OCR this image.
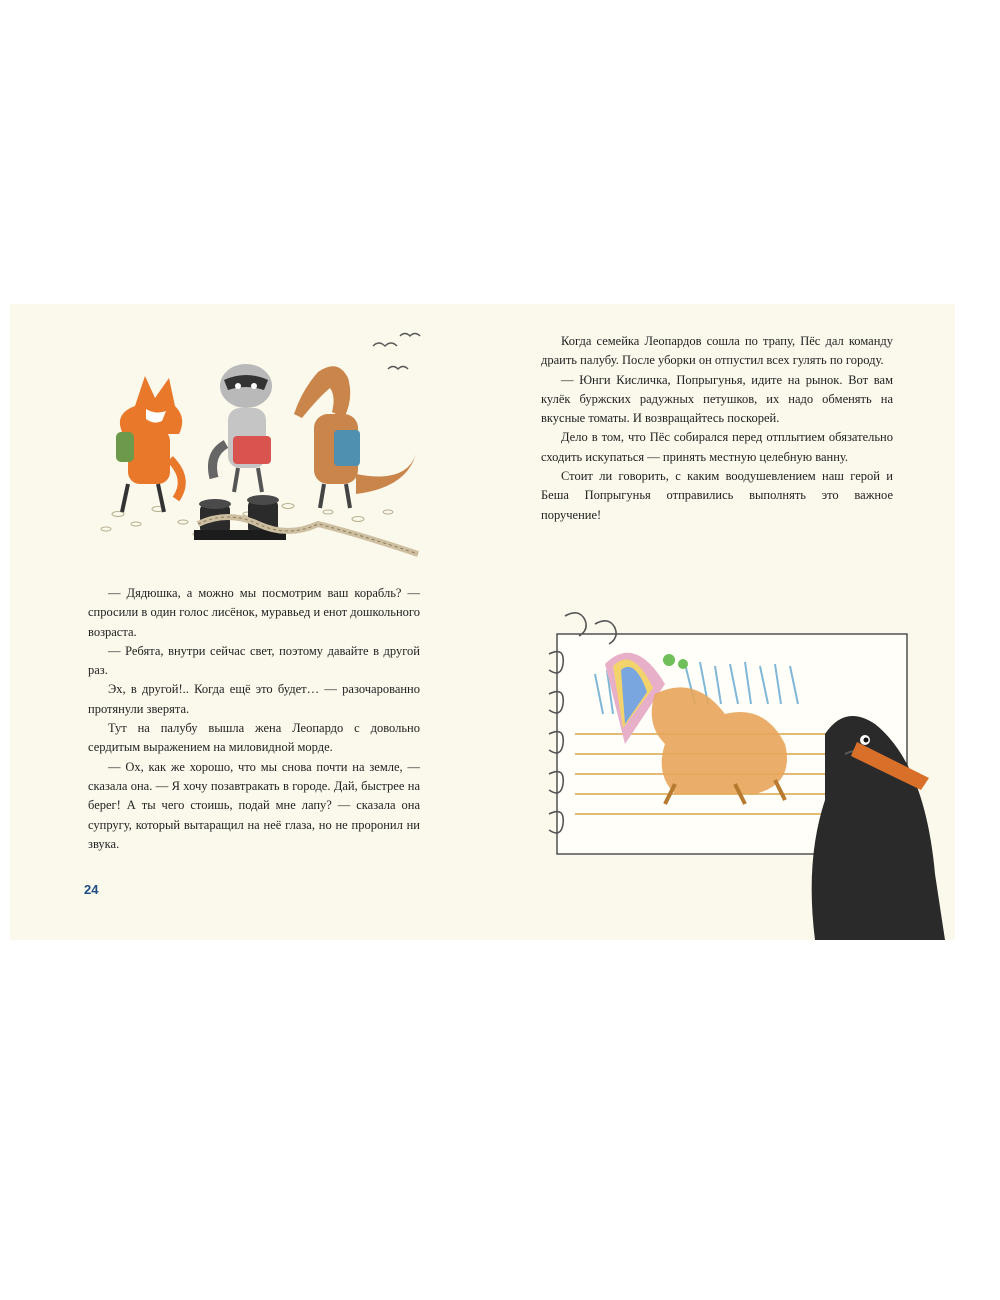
— Дядюшка, а можно мы посмотрим ваш корабль? — спросили в один голос лисёнок, муравьед и енот дошкольного возраста.

— Ребята, внутри сейчас свет, поэтому давайте в другой раз.

Эх, в другой!.. Когда ещё это будет… — разочарованно протянули зверята.

Тут на палубу вышла жена Леопардо с довольно сердитым выражением на миловидной морде.

— Ох, как же хорошо, что мы снова почти на земле, — сказала она. — Я хочу позавтракать в городе. Дай, быстрее на берег! А ты чего стоишь, подай мне лапу? — сказала она супругу, который вытаращил на неё глаза, но не проронил ни звука.

24

Когда семейка Леопардов сошла по трапу, Пёс дал команду драить палубу. После уборки он отпустил всех гулять по городу.

— Юнги Кисличка, Попрыгунья, идите на рынок. Вот вам кулёк буржских радужных петушков, их надо обменять на вкусные томаты. И возвращайтесь поскорей.

Дело в том, что Пёс собирался перед отплытием обязательно сходить искупаться — принять местную целебную ванну.

Стоит ли говорить, с каким воодушевлением наш герой и Беша Попрыгунья отправились выполнять это важное поручение!
